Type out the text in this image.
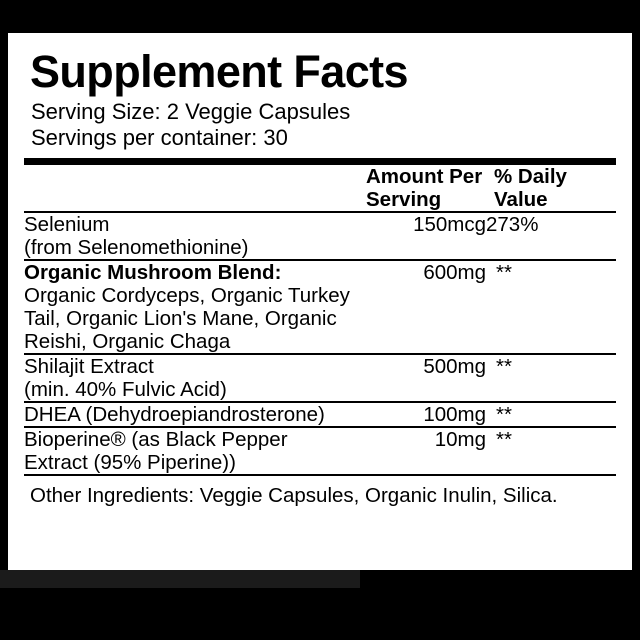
Supplement Facts
Serving Size: 2 Veggie Capsules
Servings per container: 30
	Amount Per Serving	% Daily Value

Selenium
(from Selenomethionine)	150mcg	273%

Organic Mushroom Blend:
Organic Cordyceps, Organic Turkey Tail, Organic Lion's Mane, Organic Reishi, Organic Chaga	600mg	**

Shilajit Extract
(min. 40% Fulvic Acid)	500mg	**

DHEA (Dehydroepiandrosterone)	100mg	**

Bioperine® (as Black Pepper Extract (95% Piperine))	10mg	**

Other Ingredients: Veggie Capsules, Organic Inulin, Silica.
